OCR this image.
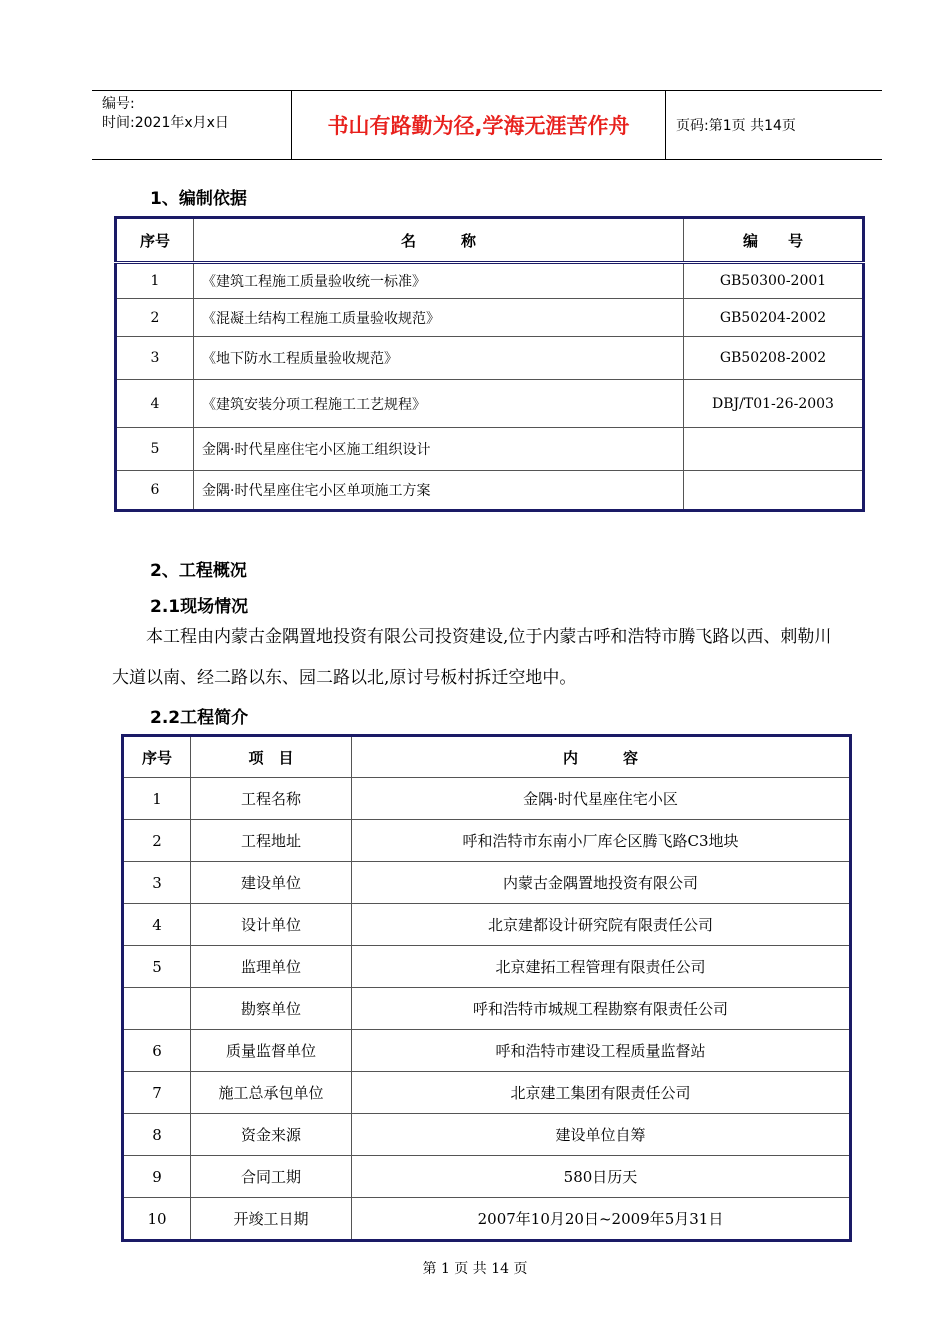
编号:
时间:2021年x月x日	书山有路勤为径,学海无涯苦作舟	页码:第1页 共14页
1、编制依据
序号	名　　　称	编　　号
1	《建筑工程施工质量验收统一标准》	GB50300-2001
2	《混凝土结构工程施工质量验收规范》	GB50204-2002
3	《地下防水工程质量验收规范》	GB50208-2002
4	《建筑安装分项工程施工工艺规程》	DBJ/T01-26-2003
5	金隅·时代星座住宅小区施工组织设计	
6	金隅·时代星座住宅小区单项施工方案	
2、工程概况
2.1现场情况
本工程由内蒙古金隅置地投资有限公司投资建设,位于内蒙古呼和浩特市腾飞路以西、刺勒川大道以南、经二路以东、园二路以北,原讨号板村拆迁空地中。
2.2工程简介
序号	项　目	内　　　容
1	工程名称	金隅·时代星座住宅小区
2	工程地址	呼和浩特市东南小厂库仑区腾飞路C3地块
3	建设单位	内蒙古金隅置地投资有限公司
4	设计单位	北京建都设计研究院有限责任公司
5	监理单位	北京建拓工程管理有限责任公司
	勘察单位	呼和浩特市城规工程勘察有限责任公司
6	质量监督单位	呼和浩特市建设工程质量监督站
7	施工总承包单位	北京建工集团有限责任公司
8	资金来源	建设单位自筹
9	合同工期	580日历天
10	开竣工日期	2007年10月20日~2009年5月31日
第 1 页 共 14 页
